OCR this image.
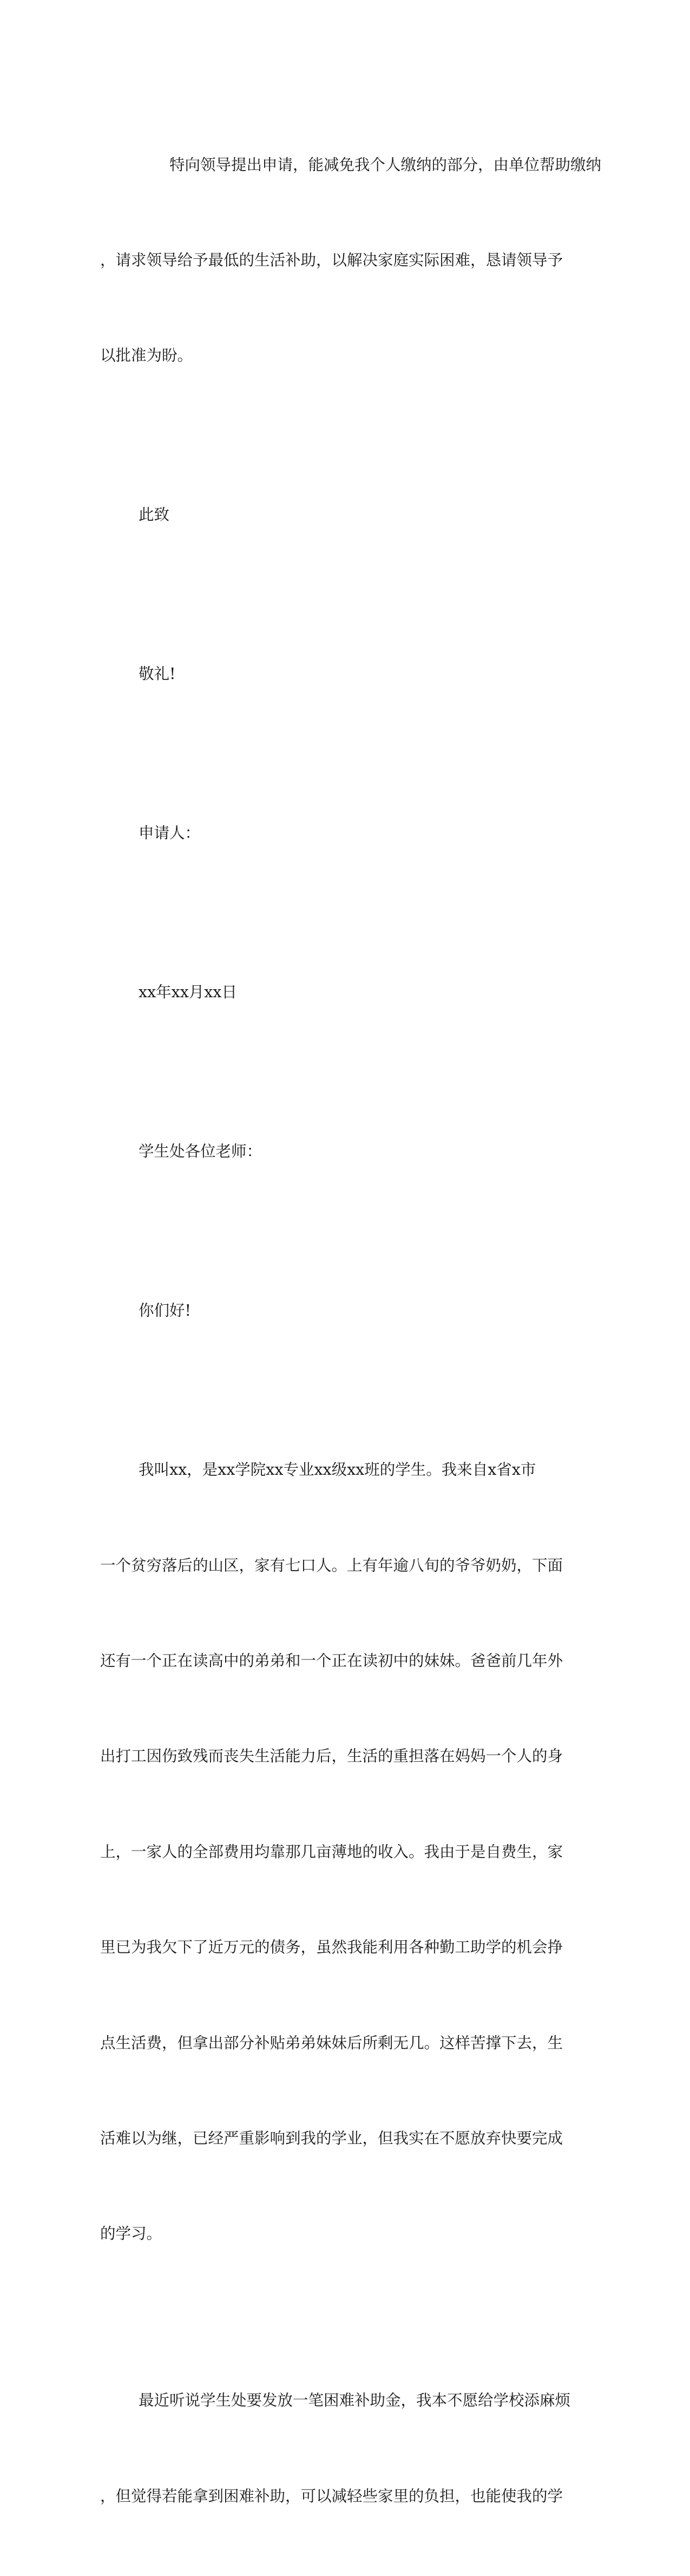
特向领导提出申请，能减免我个人缴纳的部分，由单位帮助缴纳

，请求领导给予最低的生活补助，以解决家庭实际困难，恳请领导予

以批准为盼。

此致

敬礼!

申请人：

xx年xx月xx日

学生处各位老师：

你们好!

我叫xx，是xx学院xx专业xx级xx班的学生。我来自x省x市

一个贫穷落后的山区，家有七口人。上有年逾八旬的爷爷奶奶，下面

还有一个正在读高中的弟弟和一个正在读初中的妹妹。爸爸前几年外

出打工因伤致残而丧失生活能力后，生活的重担落在妈妈一个人的身

上，一家人的全部费用均靠那几亩薄地的收入。我由于是自费生，家

里已为我欠下了近万元的债务，虽然我能利用各种勤工助学的机会挣

点生活费，但拿出部分补贴弟弟妹妹后所剩无几。这样苦撑下去，生

活难以为继，已经严重影响到我的学业，但我实在不愿放弃快要完成

的学习。

最近听说学生处要发放一笔困难补助金，我本不愿给学校添麻烦

，但觉得若能拿到困难补助，可以减轻些家里的负担，也能使我的学
